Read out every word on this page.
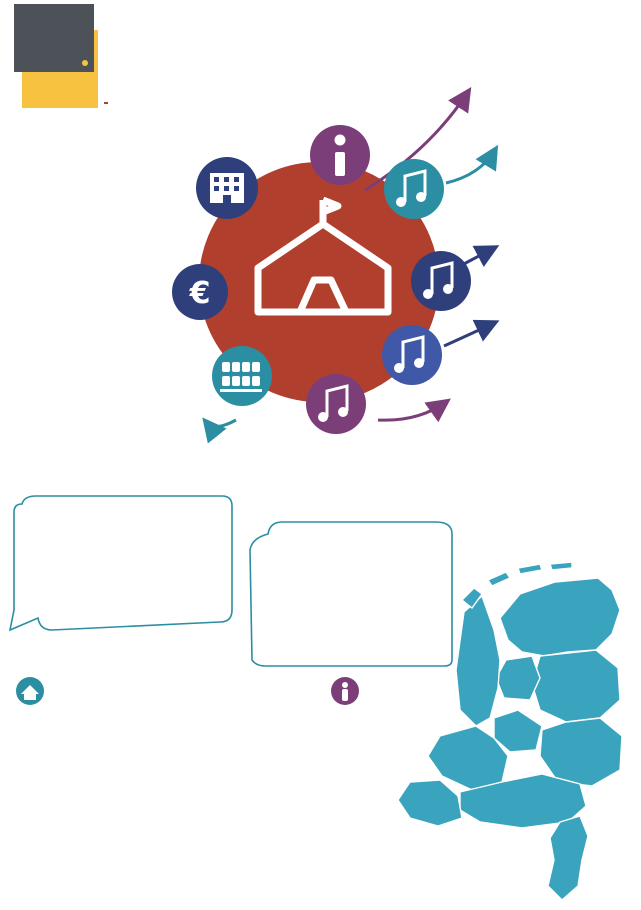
€
